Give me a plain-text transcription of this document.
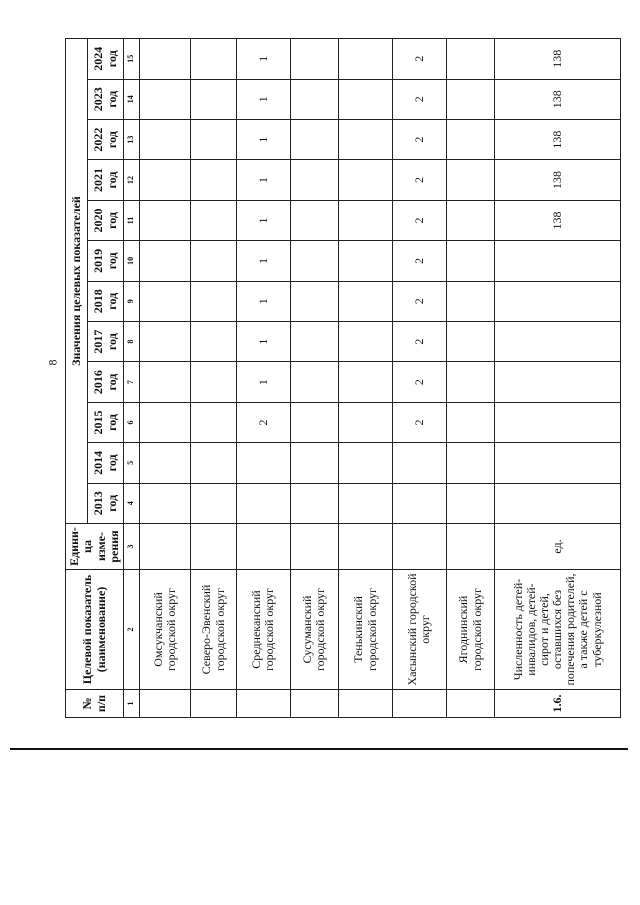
8
№ п/п	Целевой показатель (наименование)	Едини-ца изме-рения	Значения целевых показателей											
			2013 год	2014 год	2015 год	2016 год	2017 год	2018 год	2019 год	2020 год	2021 год	2022 год	2023 год	2024 год
1	2	3	4	5	6	7	8	9	10	11	12	13	14	15
	Омсукчанский городской округ													
	Северо-Эвенский городской округ													
	Среднеканский городской округ				2	1	1	1	1	1	1	1	1	1
	Сусуманский городской округ													
	Тенькинский городской округ													
	Хасынский городской округ				2	2	2	2	2	2	2	2	2	2
	Ягоднинский городской округ													
1.6.	Численность детей-инвалидов, детей-сирот и детей, оставшихся без попечения родителей, а также детей с туберкулезной	ед.								138	138	138	138	138
